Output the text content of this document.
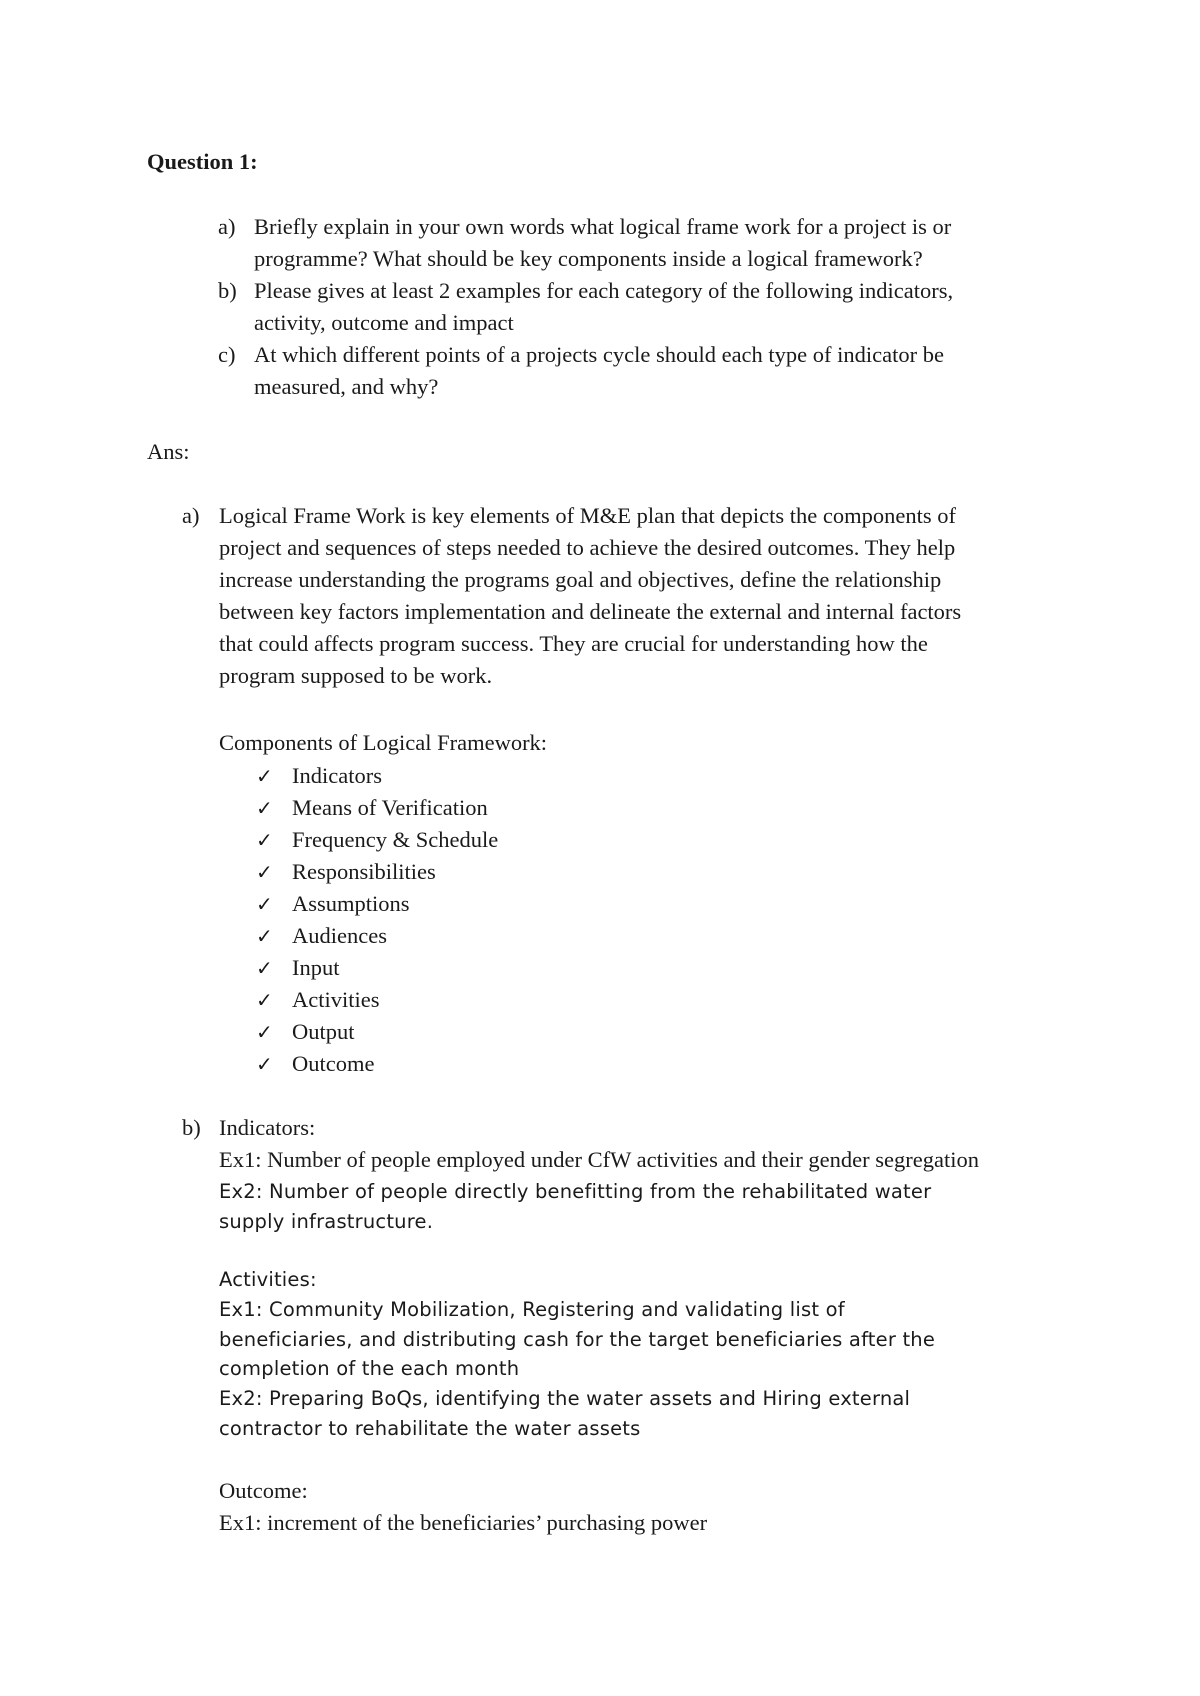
Question 1:
a) Briefly explain in your own words what logical frame work for a project is or
programme? What should be key components inside a logical framework?
b) Please gives at least 2 examples for each category of the following indicators,
activity, outcome and impact
c) At which different points of a projects cycle should each type of indicator be
measured, and why?
Ans:
a) Logical Frame Work is key elements of M&E plan that depicts the components of
project and sequences of steps needed to achieve the desired outcomes. They help
increase understanding the programs goal and objectives, define the relationship
between key factors implementation and delineate the external and internal factors
that could affects program success. They are crucial for understanding how the
program supposed to be work.
Components of Logical Framework:
✓ Indicators
✓ Means of Verification
✓ Frequency & Schedule
✓ Responsibilities
✓ Assumptions
✓ Audiences
✓ Input
✓ Activities
✓ Output
✓ Outcome
b) Indicators:
Ex1: Number of people employed under CfW activities and their gender segregation
Ex2: Number of people directly benefitting from the rehabilitated water
supply infrastructure.
Activities:
Ex1: Community Mobilization, Registering and validating list of
beneficiaries, and distributing cash for the target beneficiaries after the
completion of the each month
Ex2: Preparing BoQs, identifying the water assets and Hiring external
contractor to rehabilitate the water assets
Outcome:
Ex1: increment of the beneficiaries’ purchasing power
